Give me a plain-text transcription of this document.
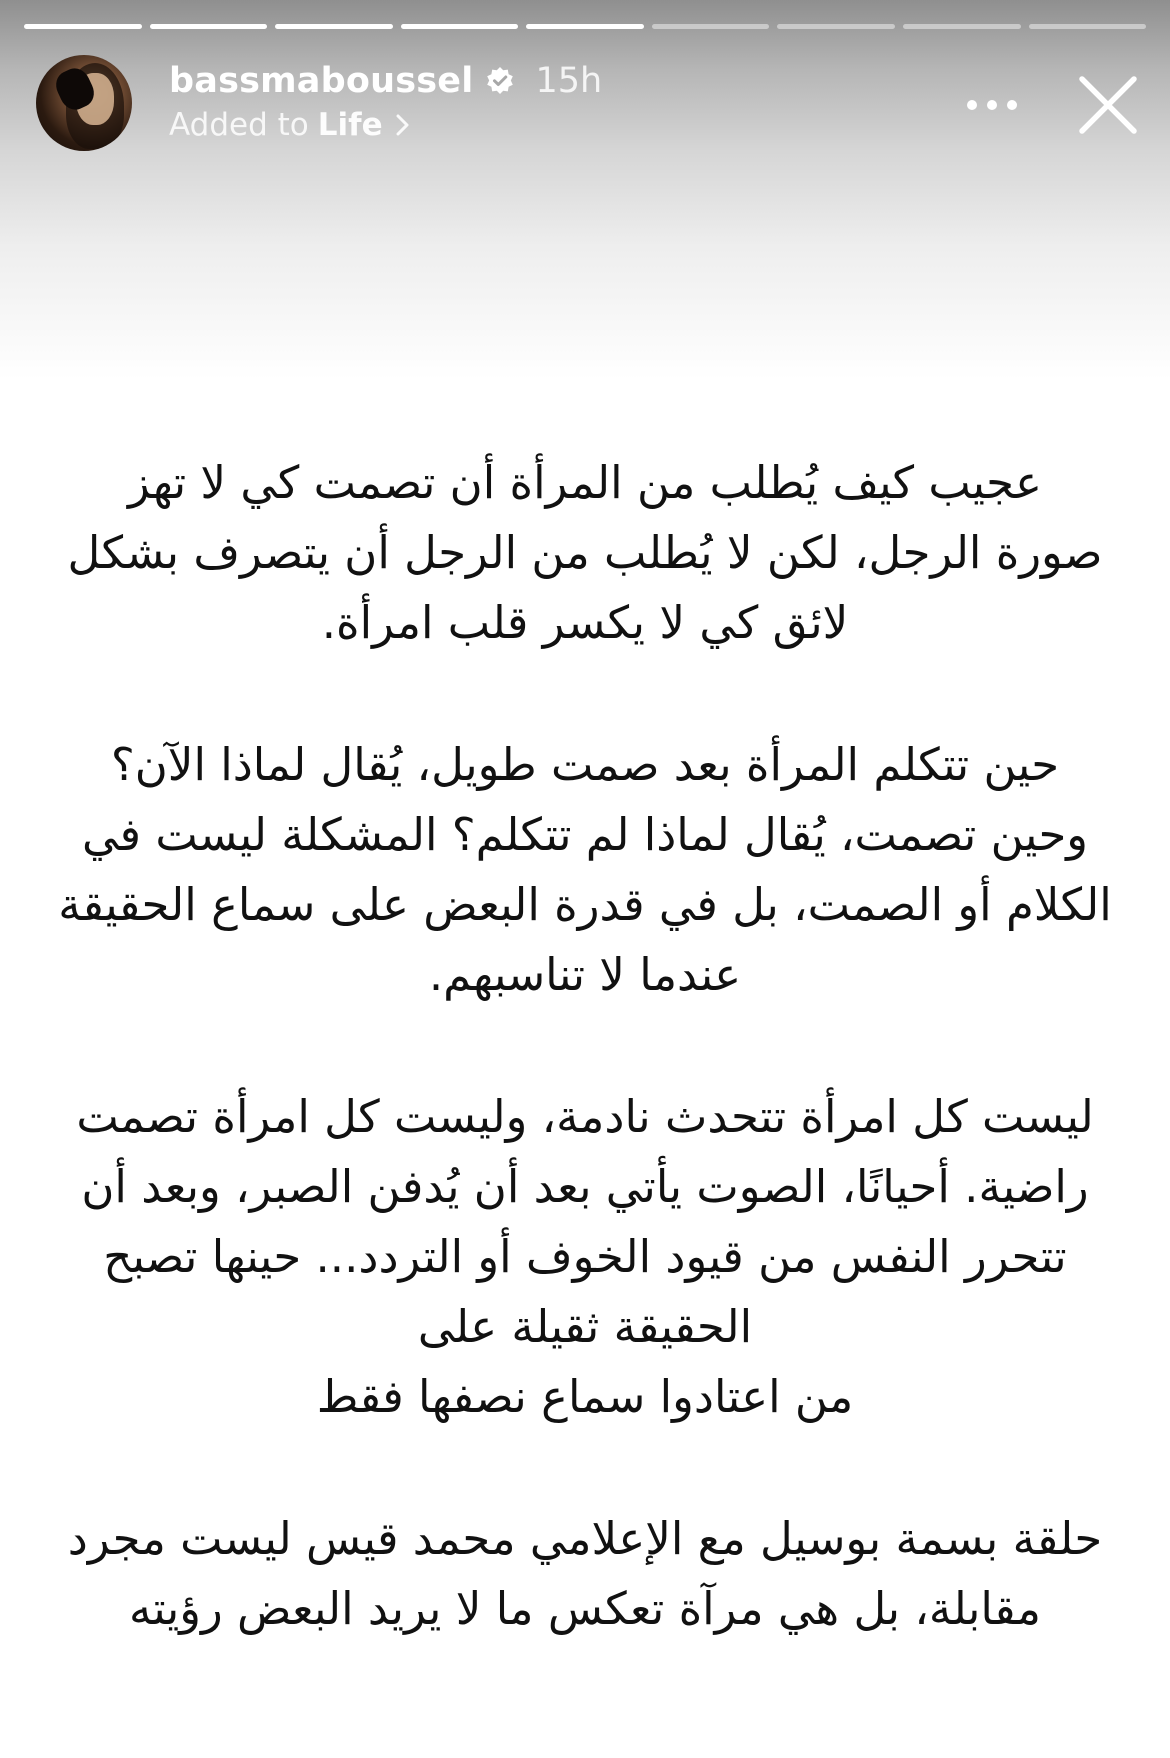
bassmaboussel 15h
Added to Life
عجيب كيف يُطلب من المرأة أن تصمت كي لا تهز
صورة الرجل، لكن لا يُطلب من الرجل أن يتصرف بشكل
لائق كي لا يكسر قلب امرأة.
حين تتكلم المرأة بعد صمت طويل، يُقال لماذا الآن؟
وحين تصمت، يُقال لماذا لم تتكلم؟ المشكلة ليست في
الكلام أو الصمت، بل في قدرة البعض على سماع الحقيقة
عندما لا تناسبهم.
ليست كل امرأة تتحدث نادمة، وليست كل امرأة تصمت
راضية. أحيانًا، الصوت يأتي بعد أن يُدفن الصبر، وبعد أن
تتحرر النفس من قيود الخوف أو التردد... حينها تصبح
الحقيقة ثقيلة على
من اعتادوا سماع نصفها فقط
حلقة بسمة بوسيل مع الإعلامي محمد قيس ليست مجرد
مقابلة، بل هي مرآة تعكس ما لا يريد البعض رؤيته
